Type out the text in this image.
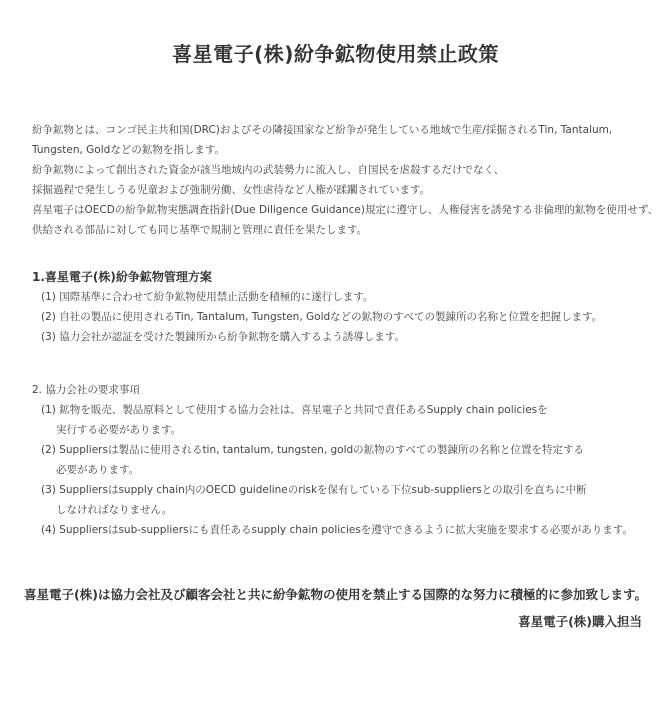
喜星電子(株)紛争鉱物使用禁止政策
紛争鉱物とは、コンゴ民主共和国(DRC)およびその隣接国家など紛争が発生している地域で生産/採掘されるTin, Tantalum,
Tungsten, Goldなどの鉱物を指します。
紛争鉱物によって創出された資金が該当地域内の武装勢力に流入し、自国民を虐殺するだけでなく、
採掘過程で発生しうる児童および強制労働、女性虐待など人権が蹂躙されています。
喜星電子はOECDの紛争鉱物実態調査指針(Due Diligence Guidance)規定に遵守し、人権侵害を誘発する非倫理的鉱物を使用せず、
供給される部品に対しても同じ基準で規制と管理に責任を果たします。
1.喜星電子(株)紛争鉱物管理方案
(1) 国際基準に合わせて紛争鉱物使用禁止活動を積極的に遂行します。
(2) 自社の製品に使用されるTin, Tantalum, Tungsten, Goldなどの鉱物のすべての製錬所の名称と位置を把握します。
(3) 協力会社が認証を受けた製錬所から紛争鉱物を購入するよう誘導します。
2. 協力会社の要求事項
(1) 鉱物を販売、製品原料として使用する協力会社は、喜星電子と共同で責任あるSupply chain policiesを
実行する必要があります。
(2) Suppliersは製品に使用されるtin, tantalum, tungsten, goldの鉱物のすべての製錬所の名称と位置を特定する
必要があります。
(3) Suppliersはsupply chain内のOECD guidelineのriskを保有している下位sub-suppliersとの取引を直ちに中断
しなければなりません。
(4) Suppliersはsub-suppliersにも責任あるsupply chain policiesを遵守できるように拡大実施を要求する必要があります。
喜星電子(株)は協力会社及び顧客会社と共に紛争鉱物の使用を禁止する国際的な努力に積極的に参加致します。
喜星電子(株)購入担当
